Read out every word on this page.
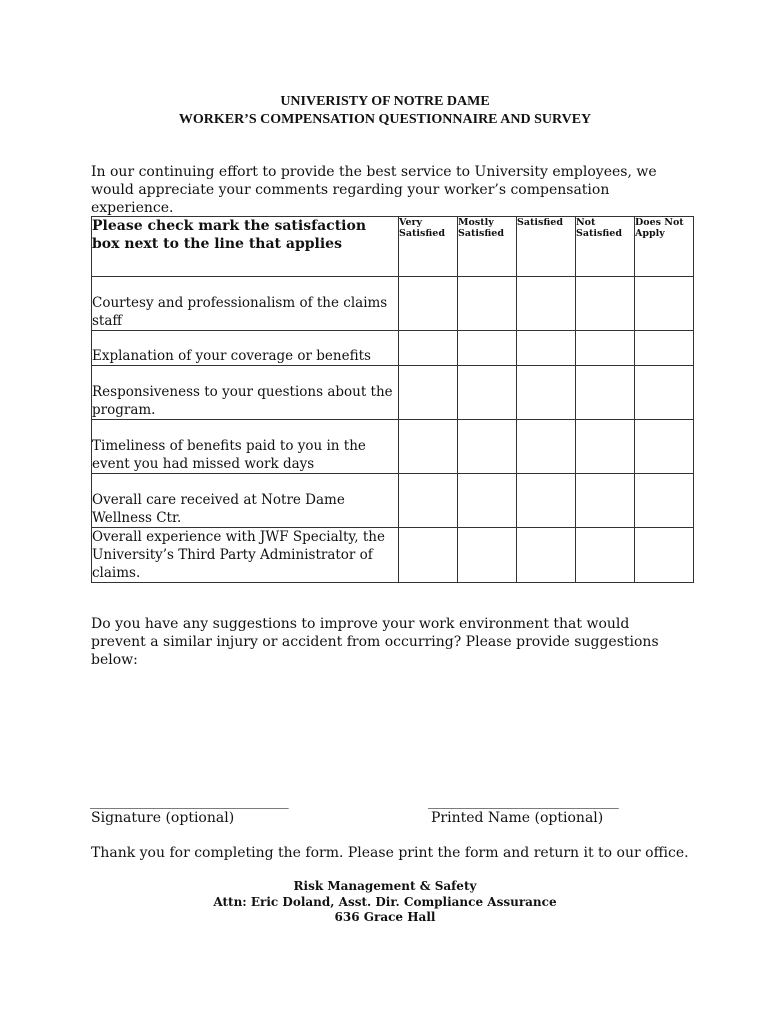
UNIVERISTY OF NOTRE DAME
WORKER’S COMPENSATION QUESTIONNAIRE AND SURVEY
In our continuing effort to provide the best service to University employees, we would appreciate your comments regarding your worker’s compensation experience.
Please check mark the satisfaction box next to the line that applies	Very Satisfied	Mostly Satisfied	Satisfied	Not Satisfied	Does Not Apply
Courtesy and professionalism of the claims staff					
Explanation of your coverage or benefits					
Responsiveness to your questions about the program.					
Timeliness of benefits paid to you in the event you had missed work days					
Overall care received at Notre Dame Wellness Ctr.					
Overall experience with JWF Specialty, the University’s Third Party Administrator of claims.					
Do you have any suggestions to improve your work environment that would prevent a similar injury or accident from occurring? Please provide suggestions below:
_________________________
Signature (optional)
________________________
Printed Name (optional)
Thank you for completing the form. Please print the form and return it to our office.
Risk Management & Safety
Attn: Eric Doland, Asst. Dir. Compliance Assurance
636 Grace Hall
